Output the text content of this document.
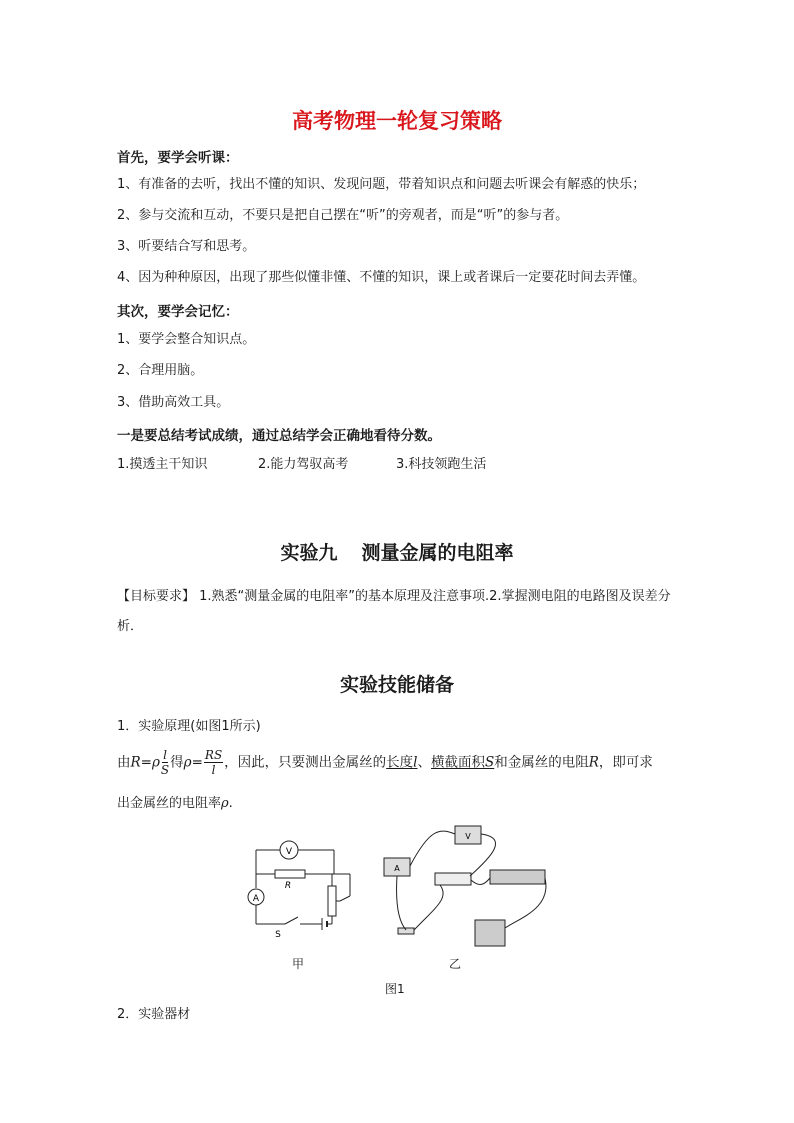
高考物理一轮复习策略
首先，要学会听课：
1、有准备的去听，找出不懂的知识、发现问题，带着知识点和问题去听课会有解惑的快乐；
2、参与交流和互动，不要只是把自己摆在“听”的旁观者，而是“听”的参与者。
3、听要结合写和思考。
4、因为种种原因，出现了那些似懂非懂、不懂的知识，课上或者课后一定要花时间去弄懂。
其次，要学会记忆：
1、要学会整合知识点。
2、合理用脑。
3、借助高效工具。
一是要总结考试成绩，通过总结学会正确地看待分数。
1.摸透主干知识	2.能力驾驭高考	3.科技领跑生活
实验九 测量金属的电阻率
【目标要求】 1.熟悉“测量金属的电阻率”的基本原理及注意事项.2.掌握测电阻的电路图及误差分析．
实验技能储备
1．实验原理(如图1所示)
由$R=\rho \frac{l}{S}$ 得$\rho= \frac{RS}{l}$ ，因此，只要测出金属丝的长度l、横截面积S和金属丝的电阻R，即可求
出金属丝的电阻率ρ.
V
A
R
S
V
A
甲	乙
图1
2．实验器材
